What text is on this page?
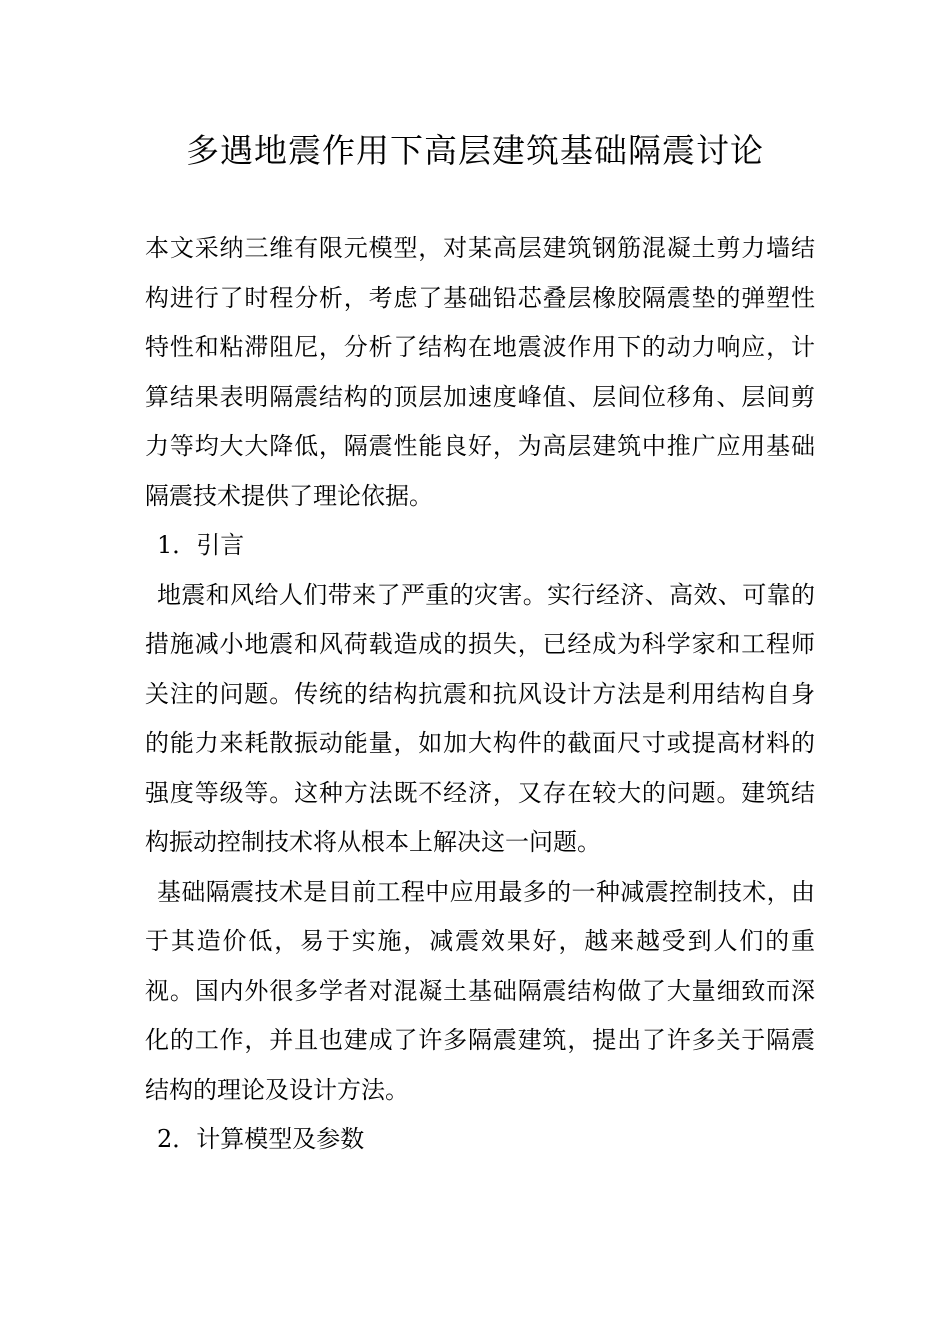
多遇地震作用下高层建筑基础隔震讨论

本文采纳三维有限元模型，对某高层建筑钢筋混凝土剪力墙结构进行了时程分析，考虑了基础铅芯叠层橡胶隔震垫的弹塑性特性和粘滞阻尼，分析了结构在地震波作用下的动力响应，计算结果表明隔震结构的顶层加速度峰值、层间位移角、层间剪力等均大大降低，隔震性能良好，为高层建筑中推广应用基础隔震技术提供了理论依据。

1．引言

地震和风给人们带来了严重的灾害。实行经济、高效、可靠的措施减小地震和风荷载造成的损失，已经成为科学家和工程师关注的问题。传统的结构抗震和抗风设计方法是利用结构自身的能力来耗散振动能量，如加大构件的截面尺寸或提高材料的强度等级等。这种方法既不经济，又存在较大的问题。建筑结构振动控制技术将从根本上解决这一问题。

基础隔震技术是目前工程中应用最多的一种减震控制技术，由于其造价低，易于实施，减震效果好，越来越受到人们的重视。国内外很多学者对混凝土基础隔震结构做了大量细致而深化的工作，并且也建成了许多隔震建筑，提出了许多关于隔震结构的理论及设计方法。

2．计算模型及参数
